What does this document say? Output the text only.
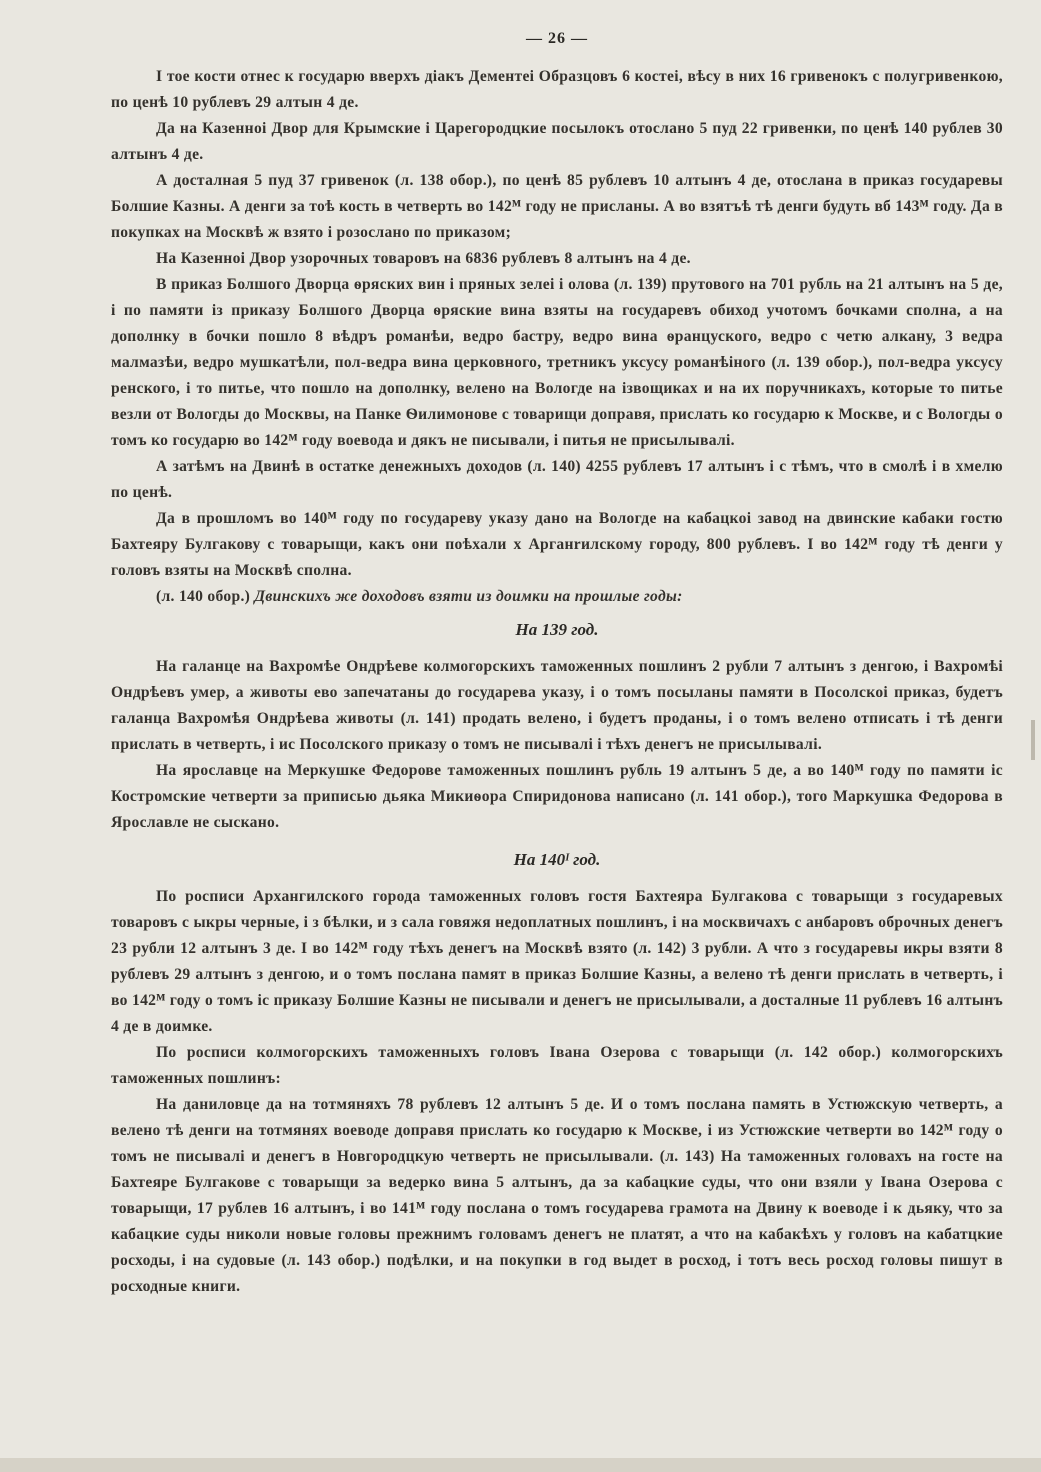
— 26 —

I тое кости отнес к государю вверхъ дiакъ Дементеi Образцовъ 6 костеi, вѣсу в них 16 гривенокъ с полугривенкою, по ценѣ 10 рублевъ 29 алтын 4 де.

Да на Казенноi Двор для Крымские i Царегородцкие посылокъ отослано 5 пуд 22 гривенки, по ценѣ 140 рублев 30 алтынъ 4 де.

А досталная 5 пуд 37 гривенок (л. 138 обор.), по ценѣ 85 рублевъ 10 алтынъ 4 де, отослана в приказ государевы Болшие Казны. А денги за тоѣ кость в четверть во 142ᴹ году не присланы. А во взятъѣ тѣ денги будуть вб 143ᴹ году. Да в покупках на Москвѣ ж взято i розослано по приказом;

На Казенноi Двор узорочных товаровъ на 6836 рублевъ 8 алтынъ на 4 де.

В приказ Болшого Дворца ѳряских вин i пряных зелеi i олова (л. 139) прутового на 701 рубль на 21 алтынъ на 5 де, i по памяти iз приказу Болшого Дворца ѳряские вина взяты на государевъ обиход учотомъ бочками сполна, а на дополнку в бочки пошло 8 вѣдръ романѣи, ведро бастру, ведро вина ѳранцуского, ведро с четю алкану, 3 ведра малмазѣи, ведро мушкатѣли, пол-ведра вина церковного, третникъ уксусу романѣiного (л. 139 обор.), пол-ведра уксусу ренского, i то питье, что пошло на дополнку, велено на Вологде на iзвощиках и на их поручникахъ, которые то питье везли от Вологды до Москвы, на Панке Ѳилимонове с товарищи доправя, прислать ко государю к Москве, и с Вологды о томъ ко государю во 142ᴹ году воевода и дякъ не писывали, i питья не присылывалi.

А затѣмъ на Двинѣ в остатке денежныхъ доходов (л. 140) 4255 рублевъ 17 алтынъ i с тѣмъ, что в смолѣ i в хмелю по ценѣ.

Да в прошломъ во 140ᴹ году по государеву указу дано на Вологде на кабацкоi завод на двинские кабаки гостю Бахтеяру Булгакову с товарыщи, какъ они поѣхали х Арганrилскому городу, 800 рублевъ. I во 142ᴹ году тѣ денги у головъ взяты на Москвѣ сполна.

(л. 140 обор.) Двинскихъ же доходовъ взяти из доимки на прошлые годы:

На 139 год.

На галанце на Вахромѣе Ондрѣеве колмогорскихъ таможенных пошлинъ 2 рубли 7 алтынъ з денгою, i Вахромѣi Ондрѣевъ умер, а животы ево запечатаны до государева указу, i о томъ посыланы памяти в Посолскоi приказ, будетъ галанца Вахромѣя Ондрѣева животы (л. 141) продать велено, i будетъ проданы, i о томъ велено отписать i тѣ денги прислать в четверть, i ис Посолского приказу о томъ не писывалi i тѣхъ денегъ не присылывалi.

На ярославце на Меркушке Федорове таможенных пошлинъ рубль 19 алтынъ 5 де, а во 140ᴹ году по памяти iс Костромские четверти за приписью дьяка Микиѳора Спиридонова написано (л. 141 обор.), того Маркушка Федорова в Ярославле не сыскано.

На 140ᴵ год.

По росписи Архангилского города таможенных головъ гостя Бахтеяра Булгакова с товарыщи з государевых товаровъ с ыкры черные, i з бѣлки, и з сала говяжя недоплатных пошлинъ, i на москвичахъ с анбаровъ оброчных денегъ 23 рубли 12 алтынъ 3 де. I во 142ᴹ году тѣхъ денегъ на Москвѣ взято (л. 142) 3 рубли. А что з государевы икры взяти 8 рублевъ 29 алтынъ з денгою, и о томъ послана памят в приказ Болшие Казны, а велено тѣ денги прислать в четверть, i во 142ᴹ году о томъ iс приказу Болшие Казны не писывали и денегъ не присылывали, а досталные 11 рублевъ 16 алтынъ 4 де в доимке.

По росписи колмогорскихъ таможенныхъ головъ Iвана Озерова с товарыщи (л. 142 обор.) колмогорскихъ таможенных пошлинъ:

На даниловце да на тотмяняхъ 78 рублевъ 12 алтынъ 5 де. И о томъ послана память в Устюжскую четверть, а велено тѣ денги на тотмянях воеводе доправя прислать ко государю к Москве, i из Устюжские четверти во 142ᴹ году о томъ не писывалi и денегъ в Новгородцкую четверть не присылывали. (л. 143) На таможенных головахъ на госте на Бахтеяре Булгакове с товарыщи за ведерко вина 5 алтынъ, да за кабацкие суды, что они взяли у Iвана Озерова с товарыщи, 17 рублев 16 алтынъ, i во 141ᴹ году послана о томъ государева грамота на Двину к воеводе i к дьяку, что за кабацкие суды николи новые головы прежнимъ головамъ денегъ не платят, а что на кабакѣхъ у головъ на кабатцкие росходы, i на судовые (л. 143 обор.) подѣлки, и на покупки в год выдет в росход, i тотъ весь росход головы пишут в росходные книги.
